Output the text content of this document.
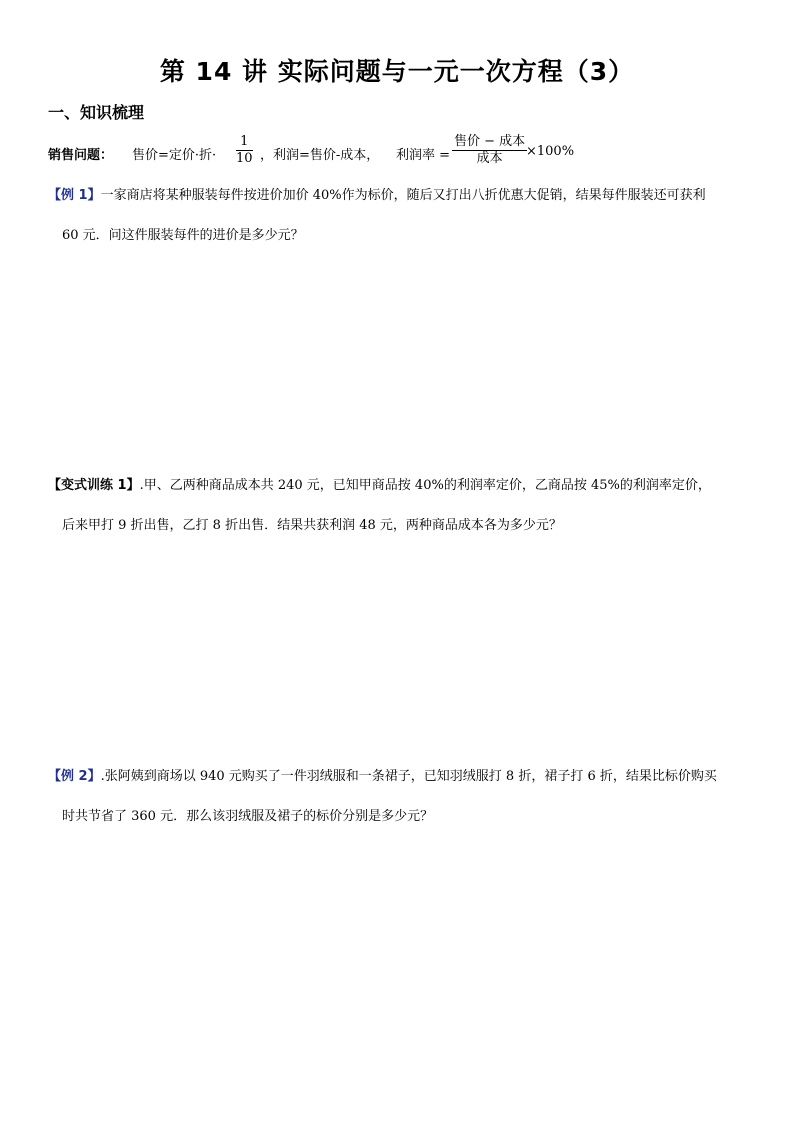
第 14 讲 实际问题与一元一次方程（3）
一、知识梳理
销售问题： 售价=定价·折· $\frac{1}{10}$ ，利润=售价-成本， 利润率 =
售价 − 成本
成本	×100%
【例 1】一家商店将某种服装每件按进价加价 40%作为标价，随后又打出八折优惠大促销，结果每件服装还可获利
60 元．问这件服装每件的进价是多少元？
【变式训练 1】.甲、乙两种商品成本共 240 元，已知甲商品按 40%的利润率定价，乙商品按 45%的利润率定价，
后来甲打 9 折出售，乙打 8 折出售．结果共获利润 48 元，两种商品成本各为多少元？
【例 2】.张阿姨到商场以 940 元购买了一件羽绒服和一条裙子，已知羽绒服打 8 折，裙子打 6 折，结果比标价购买
时共节省了 360 元．那么该羽绒服及裙子的标价分别是多少元？
